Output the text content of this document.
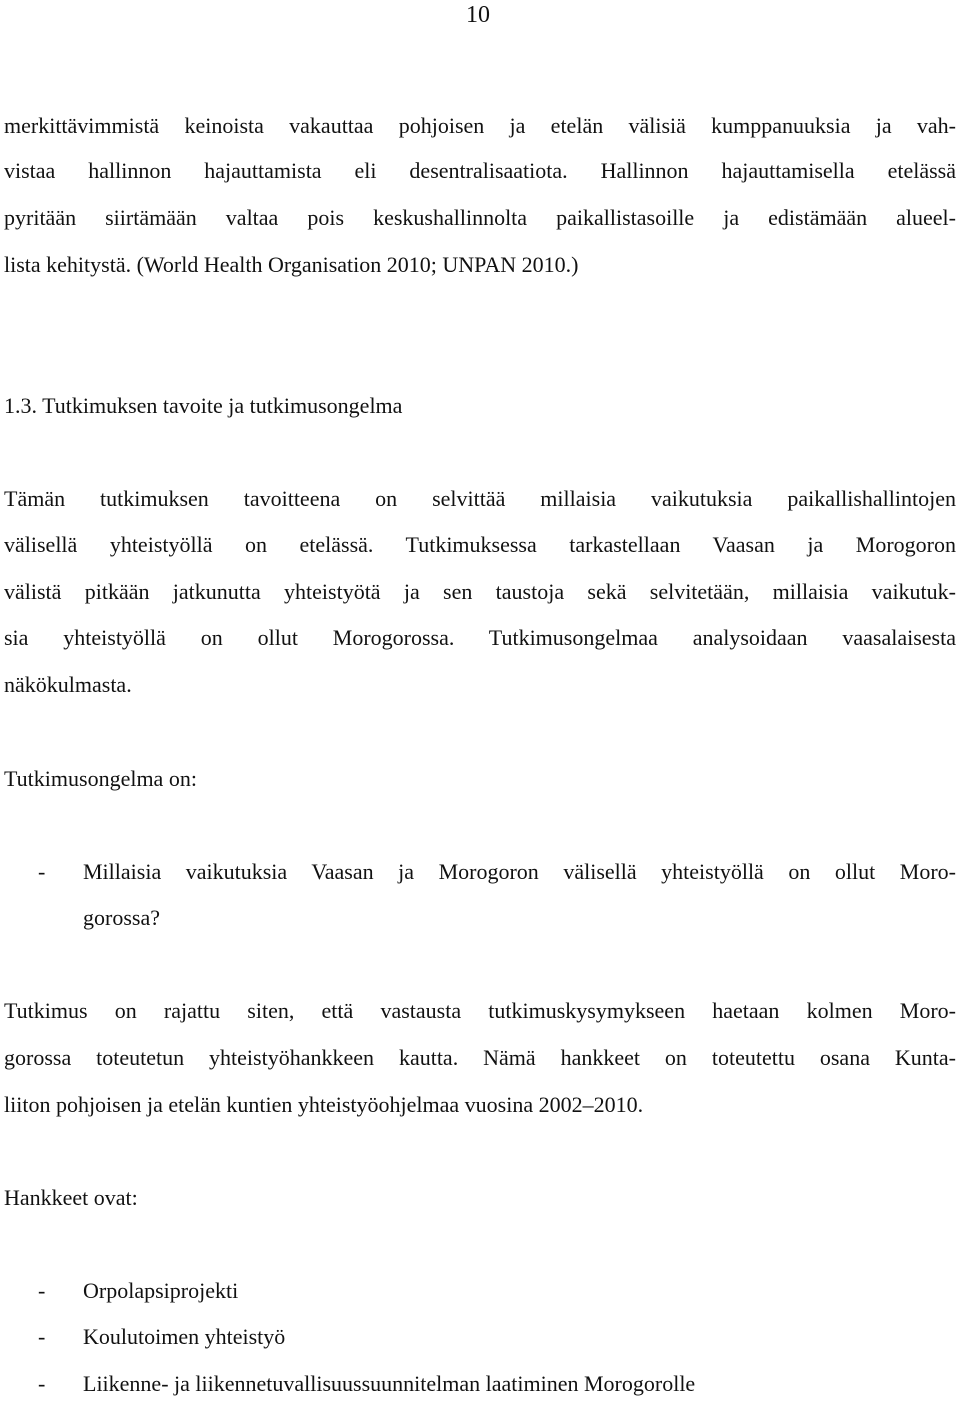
10
merkittävimmistä keinoista vakauttaa pohjoisen ja etelän välisiä kumppanuuksia ja vah-
vistaa hallinnon hajauttamista eli desentralisaatiota. Hallinnon hajauttamisella etelässä
pyritään siirtämään valtaa pois keskushallinnolta paikallistasoille ja edistämään alueel-
lista kehitystä. (World Health Organisation 2010; UNPAN 2010.)
1.3. Tutkimuksen tavoite ja tutkimusongelma
Tämän tutkimuksen tavoitteena on selvittää millaisia vaikutuksia paikallishallintojen
välisellä yhteistyöllä on etelässä. Tutkimuksessa tarkastellaan Vaasan ja Morogoron
välistä pitkään jatkunutta yhteistyötä ja sen taustoja sekä selvitetään, millaisia vaikutuk-
sia yhteistyöllä on ollut Morogorossa. Tutkimusongelmaa analysoidaan vaasalaisesta
näkökulmasta.
Tutkimusongelma on:
- Millaisia vaikutuksia Vaasan ja Morogoron välisellä yhteistyöllä on ollut Moro-
gorossa?
Tutkimus on rajattu siten, että vastausta tutkimuskysymykseen haetaan kolmen Moro-
gorossa toteutetun yhteistyöhankkeen kautta. Nämä hankkeet on toteutettu osana Kunta-
liiton pohjoisen ja etelän kuntien yhteistyöohjelmaa vuosina 2002–2010.
Hankkeet ovat:
- Orpolapsiprojekti
- Koulutoimen yhteistyö
- Liikenne- ja liikennetuvallisuussuunnitelman laatiminen Morogorolle
